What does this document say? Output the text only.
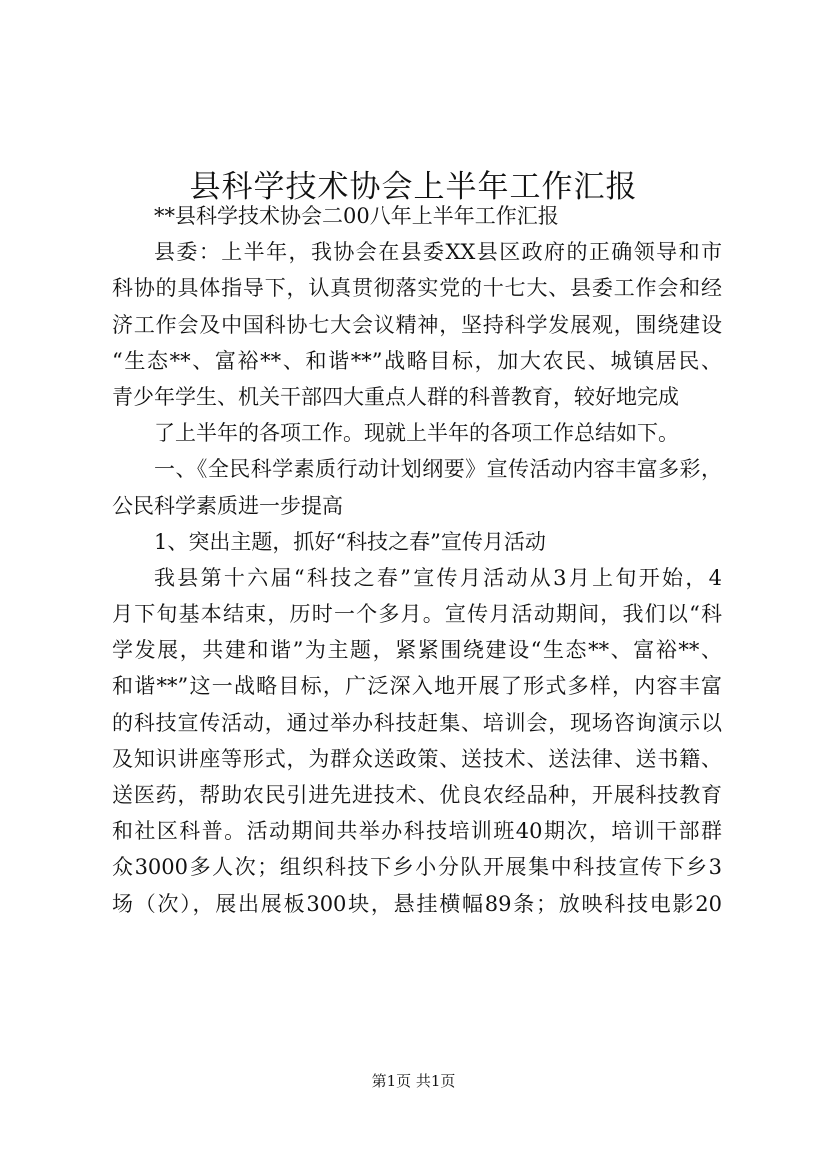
县科学技术协会上半年工作汇报
**县科学技术协会二00八年上半年工作汇报
县委：上半年，我协会在县委XX县区政府的正确领导和市
科协的具体指导下，认真贯彻落实党的十七大、县委工作会和经
济工作会及中国科协七大会议精神，坚持科学发展观，围绕建设
“生态**、富裕**、和谐**”战略目标，加大农民、城镇居民、
青少年学生、机关干部四大重点人群的科普教育，较好地完成
了上半年的各项工作。现就上半年的各项工作总结如下。
一、《全民科学素质行动计划纲要》宣传活动内容丰富多彩，
公民科学素质进一步提高
1、突出主题，抓好“科技之春”宣传月活动
我县第十六届“科技之春”宣传月活动从3月上旬开始，4
月下旬基本结束，历时一个多月。宣传月活动期间，我们以“科
学发展，共建和谐”为主题，紧紧围绕建设“生态**、富裕**、
和谐**”这一战略目标，广泛深入地开展了形式多样，内容丰富
的科技宣传活动，通过举办科技赶集、培训会，现场咨询演示以
及知识讲座等形式，为群众送政策、送技术、送法律、送书籍、
送医药，帮助农民引进先进技术、优良农经品种，开展科技教育
和社区科普。活动期间共举办科技培训班40期次，培训干部群
众3000多人次；组织科技下乡小分队开展集中科技宣传下乡3
场（次），展出展板300块，悬挂横幅89条；放映科技电影20
第1页 共1页
